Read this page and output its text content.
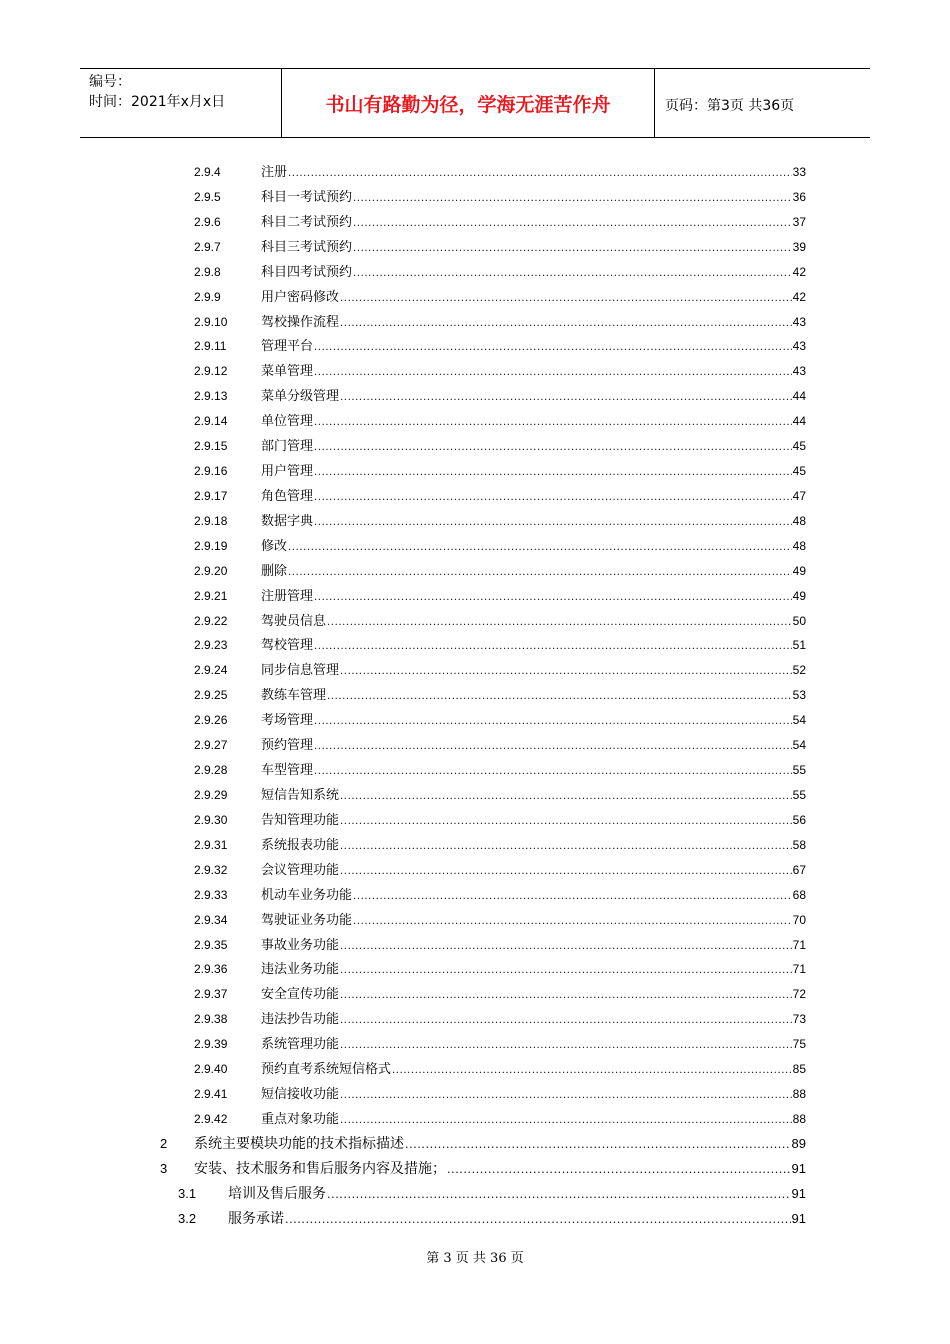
编号：
时间：2021年x月x日	书山有路勤为径，学海无涯苦作舟	页码：第3页 共36页
2.9.4	注册 .....	33
2.9.5	科目一考试预约 .....	36
2.9.6	科目二考试预约 .....	37
2.9.7	科目三考试预约 .....	39
2.9.8	科目四考试预约 .....	42
2.9.9	用户密码修改 .....	42
2.9.10	驾校操作流程 .....	43
2.9.11	管理平台 .....	43
2.9.12	菜单管理 .....	43
2.9.13	菜单分级管理 .....	44
2.9.14	单位管理 .....	44
2.9.15	部门管理 .....	45
2.9.16	用户管理 .....	45
2.9.17	角色管理 .....	47
2.9.18	数据字典 .....	48
2.9.19	修改 .....	48
2.9.20	删除 .....	49
2.9.21	注册管理 .....	49
2.9.22	驾驶员信息 .....	50
2.9.23	驾校管理 .....	51
2.9.24	同步信息管理 .....	52
2.9.25	教练车管理 .....	53
2.9.26	考场管理 .....	54
2.9.27	预约管理 .....	54
2.9.28	车型管理 .....	55
2.9.29	短信告知系统 .....	55
2.9.30	告知管理功能 .....	56
2.9.31	系统报表功能 .....	58
2.9.32	会议管理功能 .....	67
2.9.33	机动车业务功能 .....	68
2.9.34	驾驶证业务功能 .....	70
2.9.35	事故业务功能 .....	71
2.9.36	违法业务功能 .....	71
2.9.37	安全宣传功能 .....	72
2.9.38	违法抄告功能 .....	73
2.9.39	系统管理功能 .....	75
2.9.40	预约直考系统短信格式 .....	85
2.9.41	短信接收功能 .....	88
2.9.42	重点对象功能 .....	88
2	系统主要模块功能的技术指标描述 .....	89
3	安装、技术服务和售后服务内容及措施； .....	91
3.1	培训及售后服务 .....	91
3.2	服务承诺 .....	91
第 3 页 共 36 页
